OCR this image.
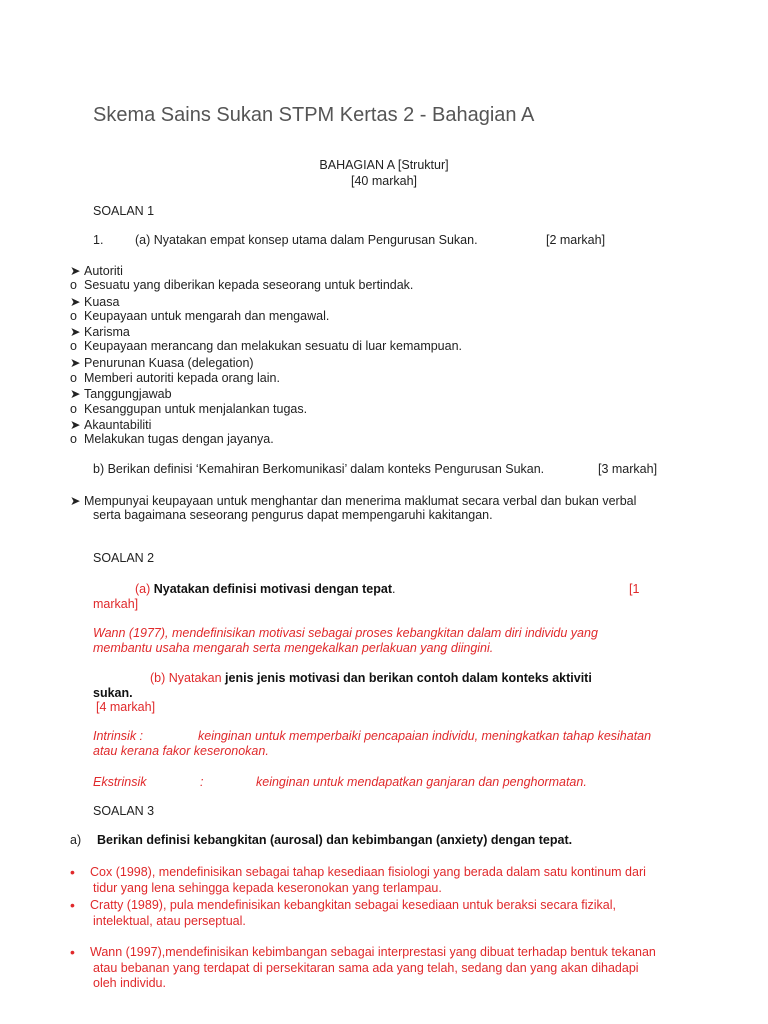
Skema Sains Sukan STPM Kertas 2 - Bahagian A
BAHAGIAN A [Struktur]
[40 markah]
SOALAN 1
1.	(a) Nyatakan empat konsep utama dalam Pengurusan Sukan.	[2 markah]
➤ Autoriti
o Sesuatu yang diberikan kepada seseorang untuk bertindak.
➤ Kuasa
o Keupayaan untuk mengarah dan mengawal.
➤ Karisma
o Keupayaan merancang dan melakukan sesuatu di luar kemampuan.
➤ Penurunan Kuasa (delegation)
o Memberi autoriti kepada orang lain.
➤ Tanggungjawab
o Kesanggupan untuk menjalankan tugas.
➤ Akauntabiliti
o Melakukan tugas dengan jayanya.
b) Berikan definisi ‘Kemahiran Berkomunikasi’ dalam konteks Pengurusan Sukan.	[3 markah]
➤ Mempunyai keupayaan untuk menghantar dan menerima maklumat secara verbal dan bukan verbal
serta bagaimana seseorang pengurus dapat mempengaruhi kakitangan.
SOALAN 2
(a) Nyatakan definisi motivasi dengan tepat.	[1
markah]
Wann (1977), mendefinisikan motivasi sebagai proses kebangkitan dalam diri individu yang
membantu usaha mengarah serta mengekalkan perlakuan yang diingini.
(b) Nyatakan jenis jenis motivasi dan berikan contoh dalam konteks aktiviti
sukan.
[4 markah]
Intrinsik :	keinginan untuk memperbaiki pencapaian individu, meningkatkan tahap kesihatan
atau kerana fakor keseronokan.
Ekstrinsik	:	keinginan untuk mendapatkan ganjaran dan penghormatan.
SOALAN 3
a) Berikan definisi kebangkitan (aurosal) dan kebimbangan (anxiety) dengan tepat.
• Cox (1998), mendefinisikan sebagai tahap kesediaan fisiologi yang berada dalam satu kontinum dari
tidur yang lena sehingga kepada keseronokan yang terlampau.
• Cratty (1989), pula mendefinisikan kebangkitan sebagai kesediaan untuk beraksi secara fizikal,
intelektual, atau perseptual.
• Wann (1997),mendefinisikan kebimbangan sebagai interprestasi yang dibuat terhadap bentuk tekanan
atau bebanan yang terdapat di persekitaran sama ada yang telah, sedang dan yang akan dihadapi
oleh individu.
